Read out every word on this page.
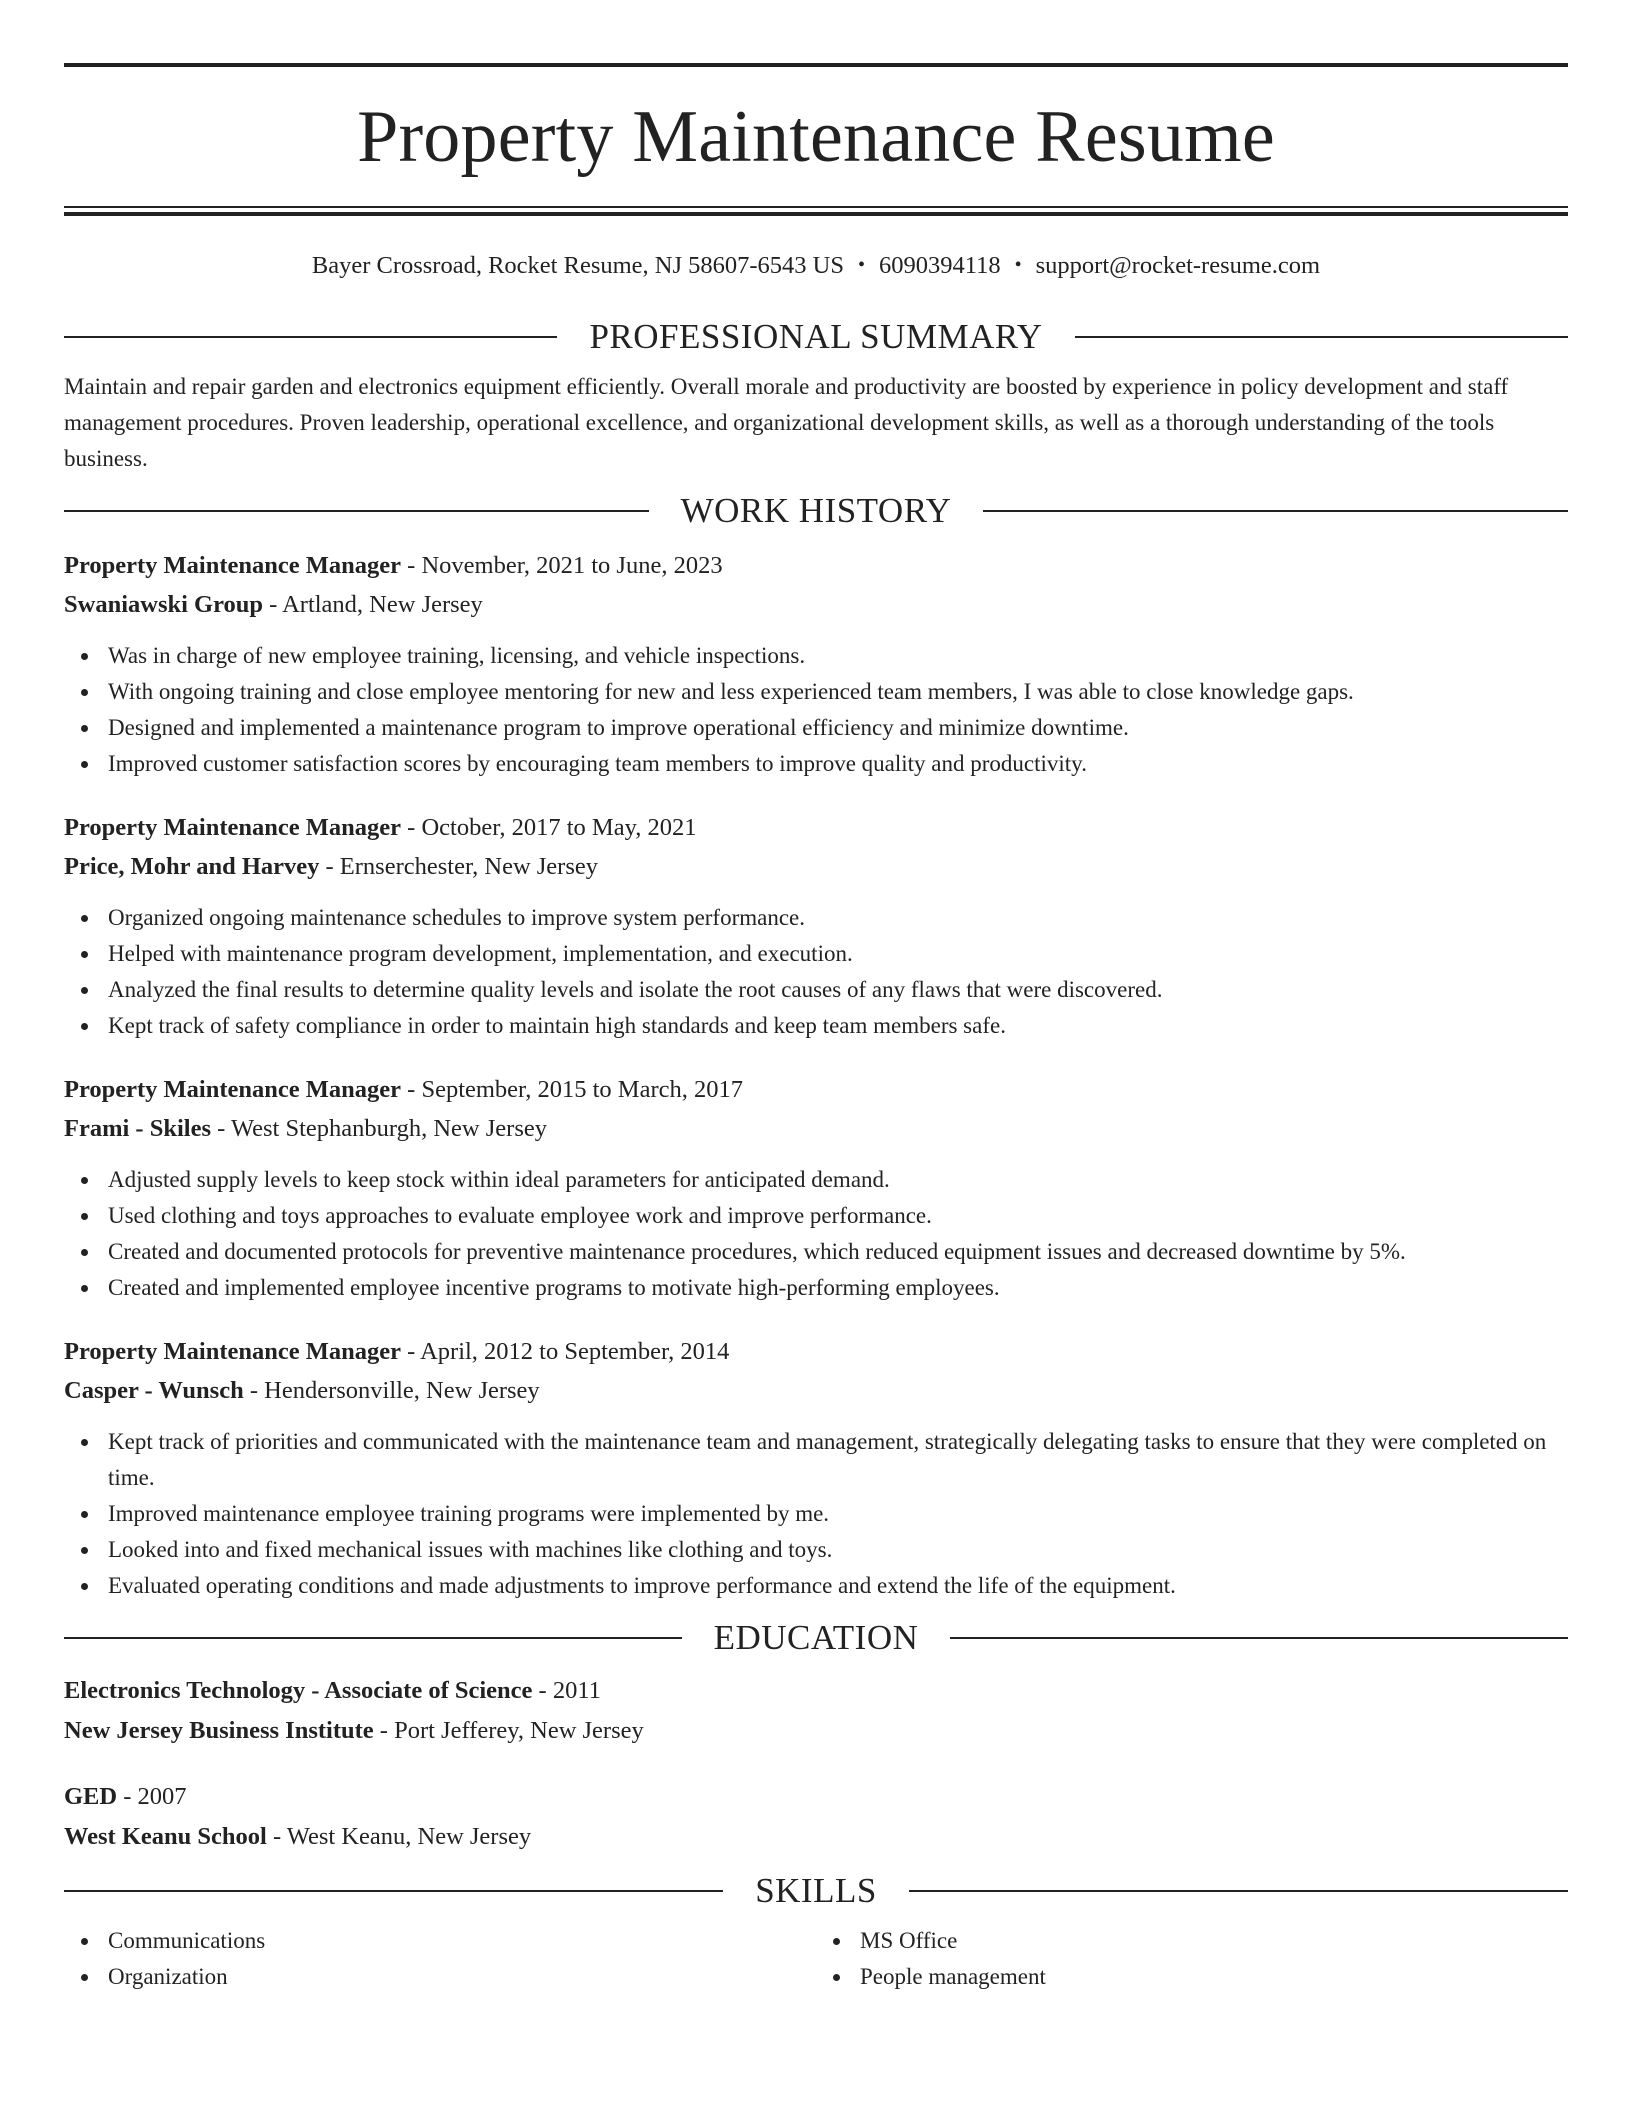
Property Maintenance Resume
Bayer Crossroad, Rocket Resume, NJ 58607-6543 US • 6090394118 • support@rocket-resume.com
PROFESSIONAL SUMMARY

Maintain and repair garden and electronics equipment efficiently. Overall morale and productivity are boosted by experience in policy development and staff management procedures. Proven leadership, operational excellence, and organizational development skills, as well as a thorough understanding of the tools business.

WORK HISTORY
Property Maintenance Manager - November, 2021 to June, 2023
Swaniawski Group - Artland, New Jersey
Was in charge of new employee training, licensing, and vehicle inspections.
With ongoing training and close employee mentoring for new and less experienced team members, I was able to close knowledge gaps.
Designed and implemented a maintenance program to improve operational efficiency and minimize downtime.
Improved customer satisfaction scores by encouraging team members to improve quality and productivity.
Property Maintenance Manager - October, 2017 to May, 2021
Price, Mohr and Harvey - Ernserchester, New Jersey
Organized ongoing maintenance schedules to improve system performance.
Helped with maintenance program development, implementation, and execution.
Analyzed the final results to determine quality levels and isolate the root causes of any flaws that were discovered.
Kept track of safety compliance in order to maintain high standards and keep team members safe.
Property Maintenance Manager - September, 2015 to March, 2017
Frami - Skiles - West Stephanburgh, New Jersey
Adjusted supply levels to keep stock within ideal parameters for anticipated demand.
Used clothing and toys approaches to evaluate employee work and improve performance.
Created and documented protocols for preventive maintenance procedures, which reduced equipment issues and decreased downtime by 5%.
Created and implemented employee incentive programs to motivate high-performing employees.
Property Maintenance Manager - April, 2012 to September, 2014
Casper - Wunsch - Hendersonville, New Jersey
Kept track of priorities and communicated with the maintenance team and management, strategically delegating tasks to ensure that they were completed on time.
Improved maintenance employee training programs were implemented by me.
Looked into and fixed mechanical issues with machines like clothing and toys.
Evaluated operating conditions and made adjustments to improve performance and extend the life of the equipment.
EDUCATION
Electronics Technology - Associate of Science - 2011
New Jersey Business Institute - Port Jefferey, New Jersey
GED - 2007
West Keanu School - West Keanu, New Jersey
SKILLS
Communications
Organization
MS Office
People management
